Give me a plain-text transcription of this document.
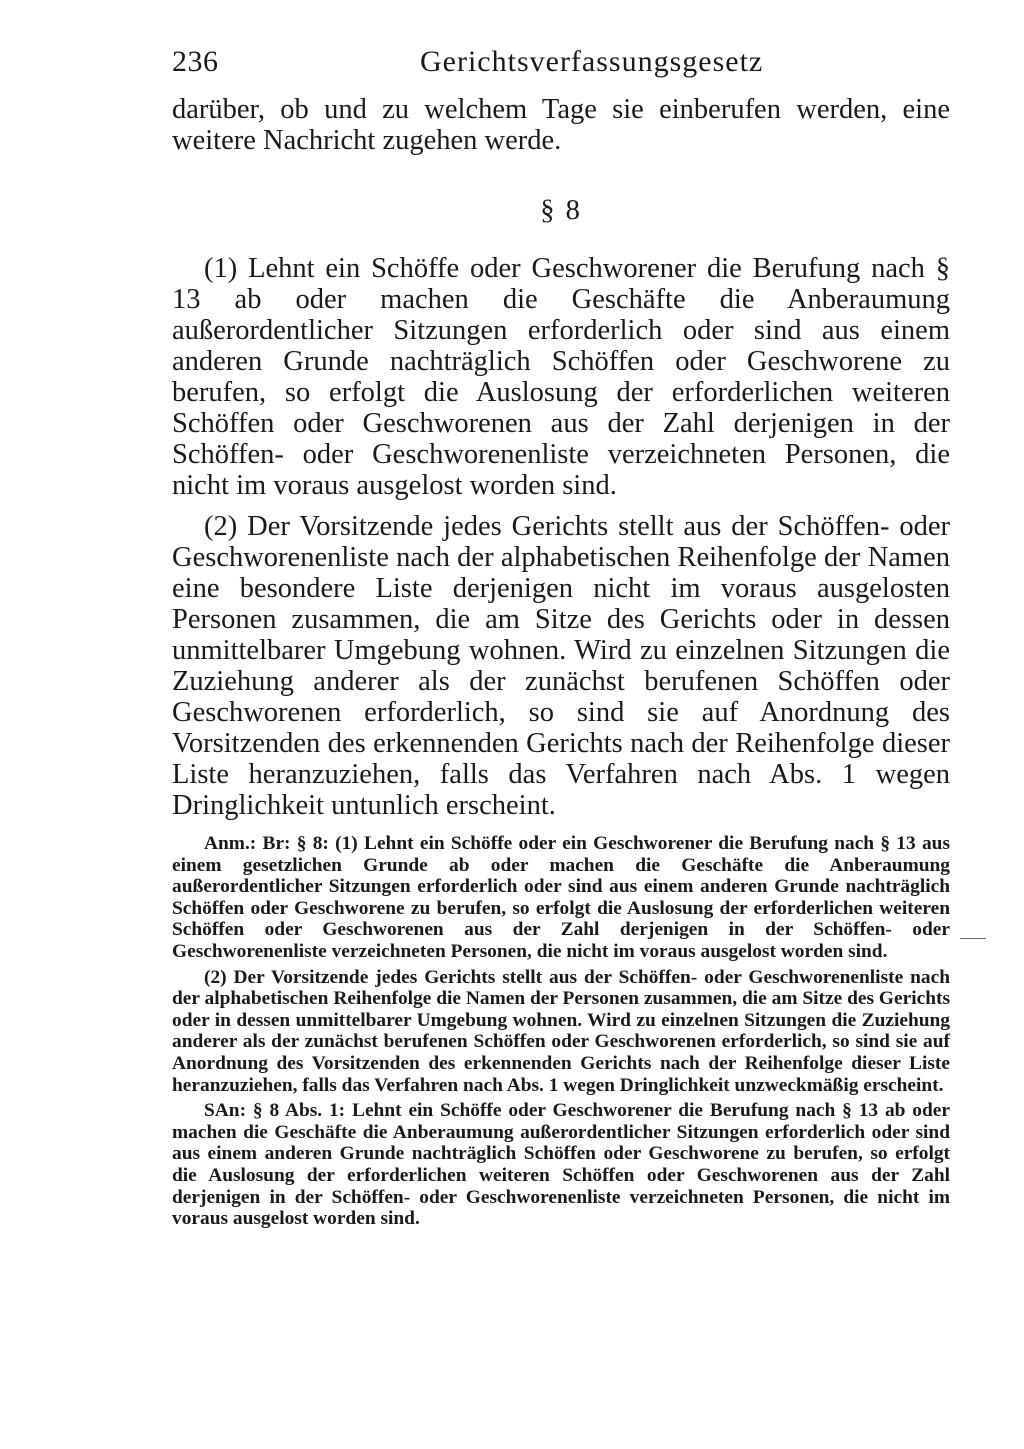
236	Gerichtsverfassungsgesetz

darüber, ob und zu welchem Tage sie einberufen werden, eine weitere Nachricht zugehen werde.

§ 8

(1) Lehnt ein Schöffe oder Geschworener die Berufung nach § 13 ab oder machen die Geschäfte die Anberaumung außerordentlicher Sitzungen erforderlich oder sind aus einem anderen Grunde nachträglich Schöffen oder Geschworene zu berufen, so erfolgt die Auslosung der erforderlichen weiteren Schöffen oder Geschworenen aus der Zahl derjenigen in der Schöffen- oder Geschworenenliste verzeichneten Personen, die nicht im voraus ausgelost worden sind.

(2) Der Vorsitzende jedes Gerichts stellt aus der Schöffen- oder Geschworenenliste nach der alphabetischen Reihenfolge der Namen eine besondere Liste derjenigen nicht im voraus ausgelosten Personen zusammen, die am Sitze des Gerichts oder in dessen unmittelbarer Umgebung wohnen. Wird zu einzelnen Sitzungen die Zuziehung anderer als der zunächst berufenen Schöffen oder Geschworenen erforderlich, so sind sie auf Anordnung des Vorsitzenden des erkennenden Gerichts nach der Reihenfolge dieser Liste heranzuziehen, falls das Verfahren nach Abs. 1 wegen Dringlichkeit untunlich erscheint.

Anm.: Br: § 8: (1) Lehnt ein Schöffe oder ein Geschworener die Berufung nach § 13 aus einem gesetzlichen Grunde ab oder machen die Geschäfte die Anberaumung außerordentlicher Sitzungen erforderlich oder sind aus einem anderen Grunde nachträglich Schöffen oder Geschworene zu berufen, so erfolgt die Auslosung der erforderlichen weiteren Schöffen oder Geschworenen aus der Zahl derjenigen in der Schöffen- oder Geschworenenliste verzeichneten Personen, die nicht im voraus ausgelost worden sind.

(2) Der Vorsitzende jedes Gerichts stellt aus der Schöffen- oder Geschworenenliste nach der alphabetischen Reihenfolge die Namen der Personen zusammen, die am Sitze des Gerichts oder in dessen unmittelbarer Umgebung wohnen. Wird zu einzelnen Sitzungen die Zuziehung anderer als der zunächst berufenen Schöffen oder Geschworenen erforderlich, so sind sie auf Anordnung des Vorsitzenden des erkennenden Gerichts nach der Reihenfolge dieser Liste heranzuziehen, falls das Verfahren nach Abs. 1 wegen Dringlichkeit unzweckmäßig erscheint.

SAn: § 8 Abs. 1: Lehnt ein Schöffe oder Geschworener die Berufung nach § 13 ab oder machen die Geschäfte die Anberaumung außerordentlicher Sitzungen erforderlich oder sind aus einem anderen Grunde nachträglich Schöffen oder Geschworene zu berufen, so erfolgt die Auslosung der erforderlichen weiteren Schöffen oder Geschworenen aus der Zahl derjenigen in der Schöffen- oder Geschworenenliste verzeichneten Personen, die nicht im voraus ausgelost worden sind.
